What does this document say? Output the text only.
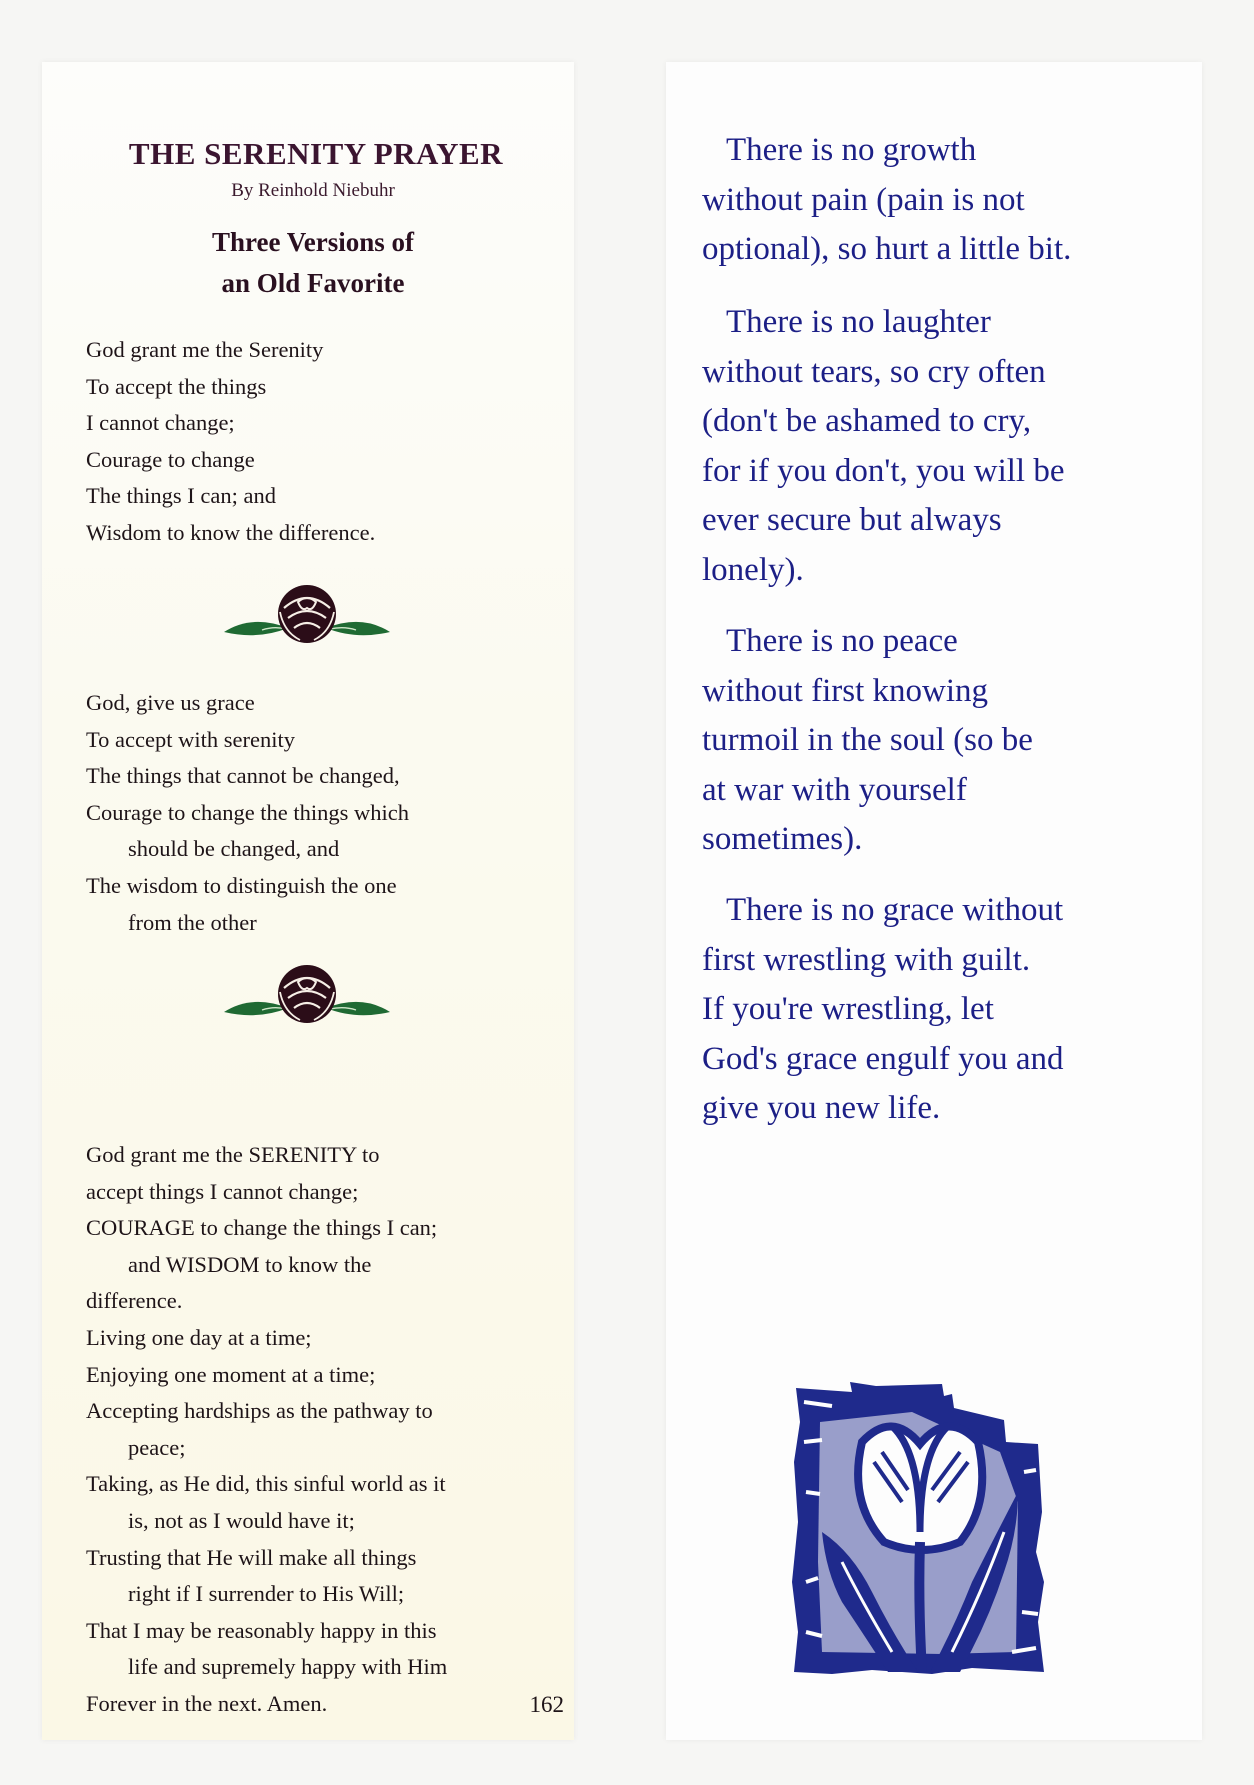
THE SERENITY PRAYER
By Reinhold Niebuhr
Three Versions of
an Old Favorite
God grant me the Serenity
To accept the things
I cannot change;
Courage to change
The things I can; and
Wisdom to know the difference.
God, give us grace
To accept with serenity
The things that cannot be changed,
Courage to change the things which
should be changed, and
The wisdom to distinguish the one
from the other
God grant me the SERENITY to
accept things I cannot change;
COURAGE to change the things I can;
and WISDOM to know the
difference.
Living one day at a time;
Enjoying one moment at a time;
Accepting hardships as the pathway to
peace;
Taking, as He did, this sinful world as it
is, not as I would have it;
Trusting that He will make all things
right if I surrender to His Will;
That I may be reasonably happy in this
life and supremely happy with Him
Forever in the next. Amen.	162
There is no growth
without pain (pain is not
optional), so hurt a little bit.
There is no laughter
without tears, so cry often
(don't be ashamed to cry,
for if you don't, you will be
ever secure but always
lonely).
There is no peace
without first knowing
turmoil in the soul (so be
at war with yourself
sometimes).
There is no grace without
first wrestling with guilt.
If you're wrestling, let
God's grace engulf you and
give you new life.
